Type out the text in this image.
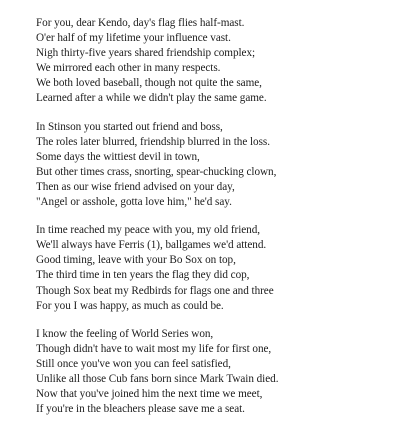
For you, dear Kendo, day's flag flies half-mast.
O'er half of my lifetime your influence vast.
Nigh thirty-five years shared friendship complex;
We mirrored each other in many respects.
We both loved baseball, though not quite the same,
Learned after a while we didn't play the same game.
In Stinson you started out friend and boss,
The roles later blurred, friendship blurred in the loss.
Some days the wittiest devil in town,
But other times crass, snorting, spear-chucking clown,
Then as our wise friend advised on your day,
"Angel or asshole, gotta love him," he'd say.
In time reached my peace with you, my old friend,
We'll always have Ferris (1), ballgames we'd attend.
Good timing, leave with your Bo Sox on top,
The third time in ten years the flag they did cop,
Though Sox beat my Redbirds for flags one and three
For you I was happy, as much as could be.
I know the feeling of World Series won,
Though didn't have to wait most my life for first one,
Still once you've won you can feel satisfied,
Unlike all those Cub fans born since Mark Twain died.
Now that you've joined him the next time we meet,
If you're in the bleachers please save me a seat.
